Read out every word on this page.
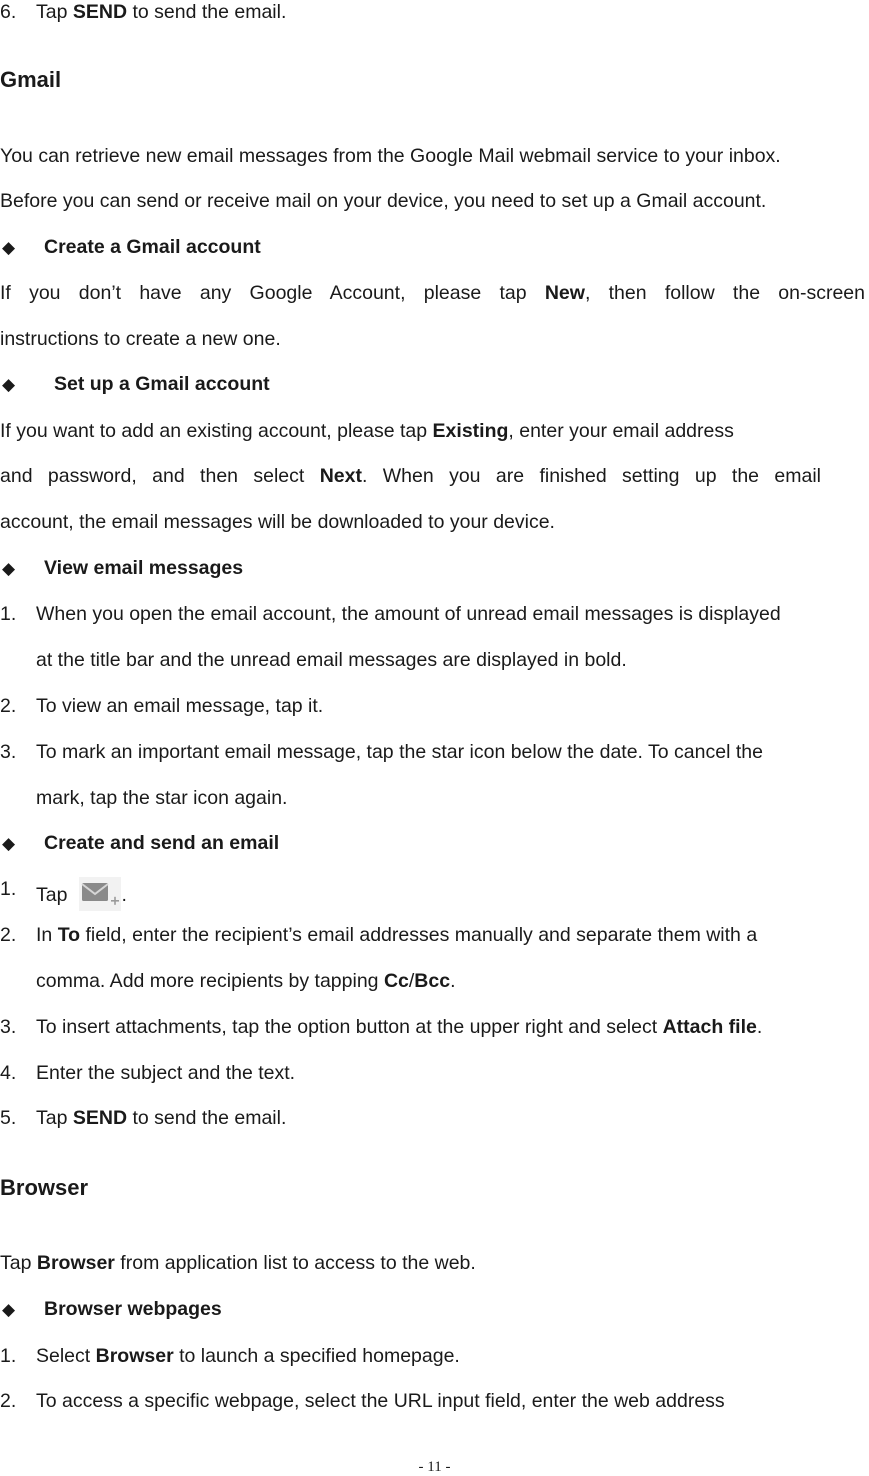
6. Tap SEND to send the email.
Gmail
You can retrieve new email messages from the Google Mail webmail service to your inbox.
Before you can send or receive mail on your device, you need to set up a Gmail account.
◆ Create a Gmail account
If you don’t have any Google Account, please tap New, then follow the on-screen
instructions to create a new one.
◆ Set up a Gmail account
If you want to add an existing account, please tap Existing, enter your email address
and password, and then select Next. When you are finished setting up the email
account, the email messages will be downloaded to your device.
◆ View email messages
1. When you open the email account, the amount of unread email messages is displayed
at the title bar and the unread email messages are displayed in bold.
2. To view an email message, tap it.
3. To mark an important email message, tap the star icon below the date. To cancel the
mark, tap the star icon again.
◆ Create and send an email
1. Tap	.
2. In To field, enter the recipient’s email addresses manually and separate them with a
comma. Add more recipients by tapping Cc/Bcc.
3. To insert attachments, tap the option button at the upper right and select Attach file.
4. Enter the subject and the text.
5. Tap SEND to send the email.
Browser
Tap Browser from application list to access to the web.
◆ Browser webpages
1. Select Browser to launch a specified homepage.
2. To access a specific webpage, select the URL input field, enter the web address
- 11 -
